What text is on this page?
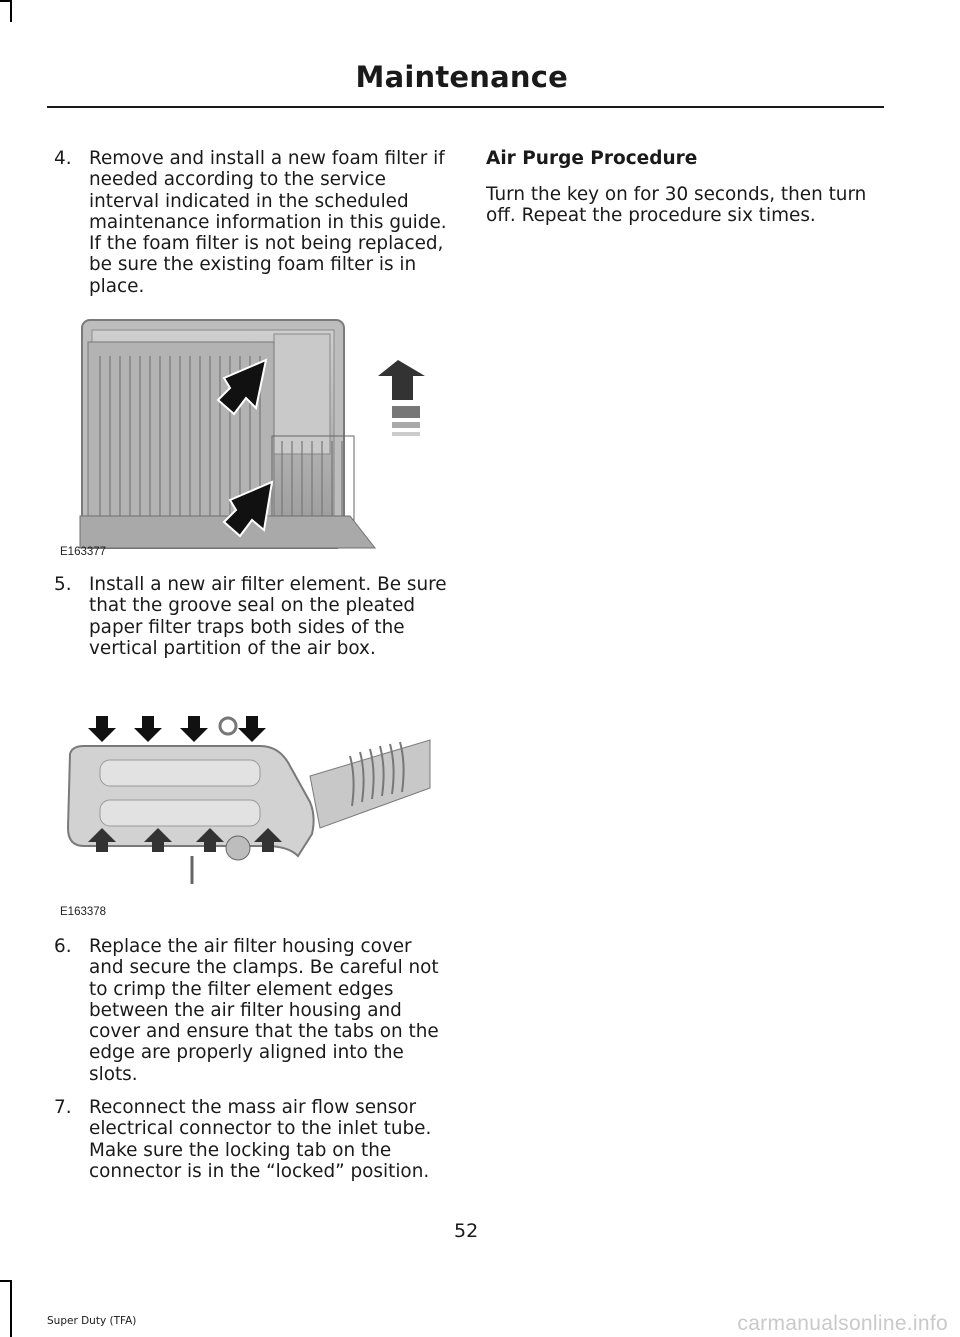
Maintenance
4. Remove and install a new foam filter if needed according to the service interval indicated in the scheduled maintenance information in this guide. If the foam filter is not being replaced, be sure the existing foam filter is in place.
E163377
5. Install a new air filter element. Be sure that the groove seal on the pleated paper filter traps both sides of the vertical partition of the air box.
E163378
6. Replace the air filter housing cover and secure the clamps. Be careful not to crimp the filter element edges between the air filter housing and cover and ensure that the tabs on the edge are properly aligned into the slots.
7. Reconnect the mass air flow sensor electrical connector to the inlet tube. Make sure the locking tab on the connector is in the “locked” position.
Air Purge Procedure

Turn the key on for 30 seconds, then turn off. Repeat the procedure six times.

52
Super Duty (TFA)	carmanualsonline.info
